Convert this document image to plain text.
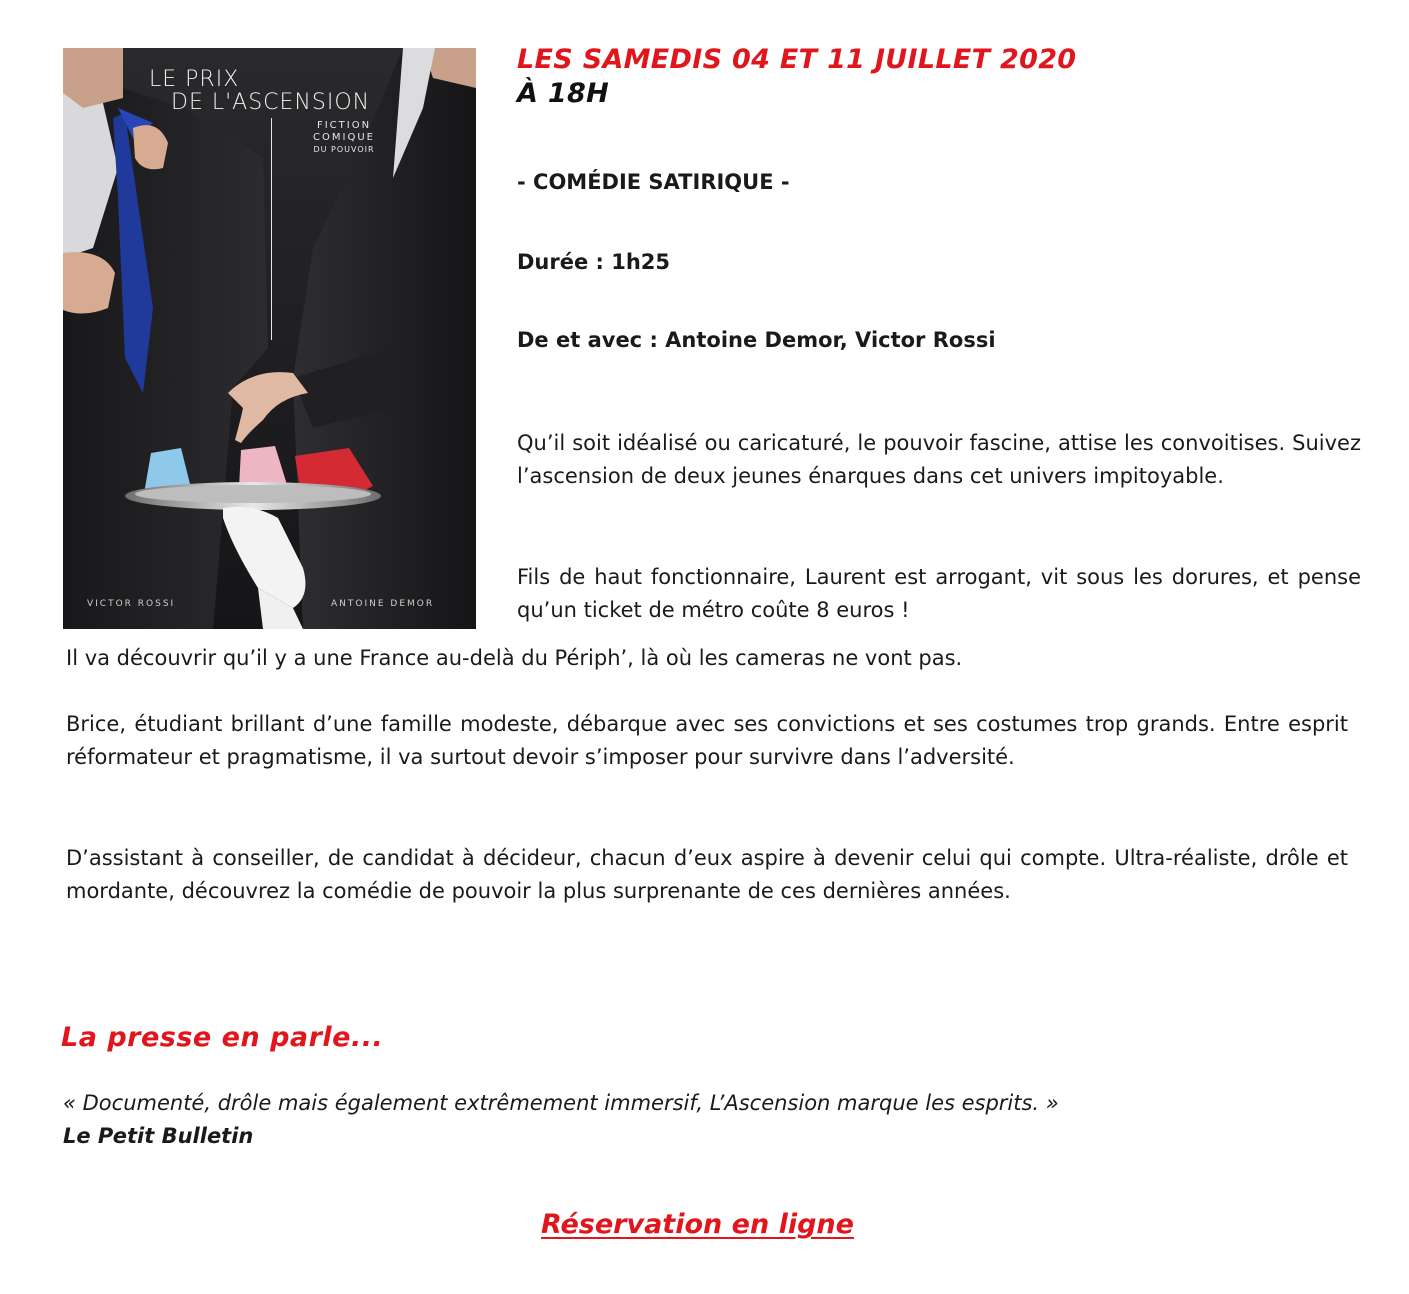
LE PRIX
DE L'ASCENSION
FICTION
COMIQUE
DU POUVOIR
VICTOR ROSSI	ANTOINE DEMOR
LES SAMEDIS 04 ET 11 JUILLET 2020
À 18H
- COMÉDIE SATIRIQUE -
Durée : 1h25
De et avec : Antoine Demor, Victor Rossi

Qu’il soit idéalisé ou caricaturé, le pouvoir fascine, attise les convoitises. Suivez l’ascension de deux jeunes énarques dans cet univers impitoyable.

Fils de haut fonctionnaire, Laurent est arrogant, vit sous les dorures, et pense qu’un ticket de métro coûte 8 euros !

Il va découvrir qu’il y a une France au-delà du Périph’, là où les cameras ne vont pas.

Brice, étudiant brillant d’une famille modeste, débarque avec ses convictions et ses costumes trop grands. Entre esprit réformateur et pragmatisme, il va surtout devoir s’imposer pour survivre dans l’adversité.

D’assistant à conseiller, de candidat à décideur, chacun d’eux aspire à devenir celui qui compte. Ultra-réaliste, drôle et mordante, découvrez la comédie de pouvoir la plus surprenante de ces dernières années.

La presse en parle...
« Documenté, drôle mais également extrêmement immersif, L’Ascension marque les esprits. »
Le Petit Bulletin
Réservation en ligne
